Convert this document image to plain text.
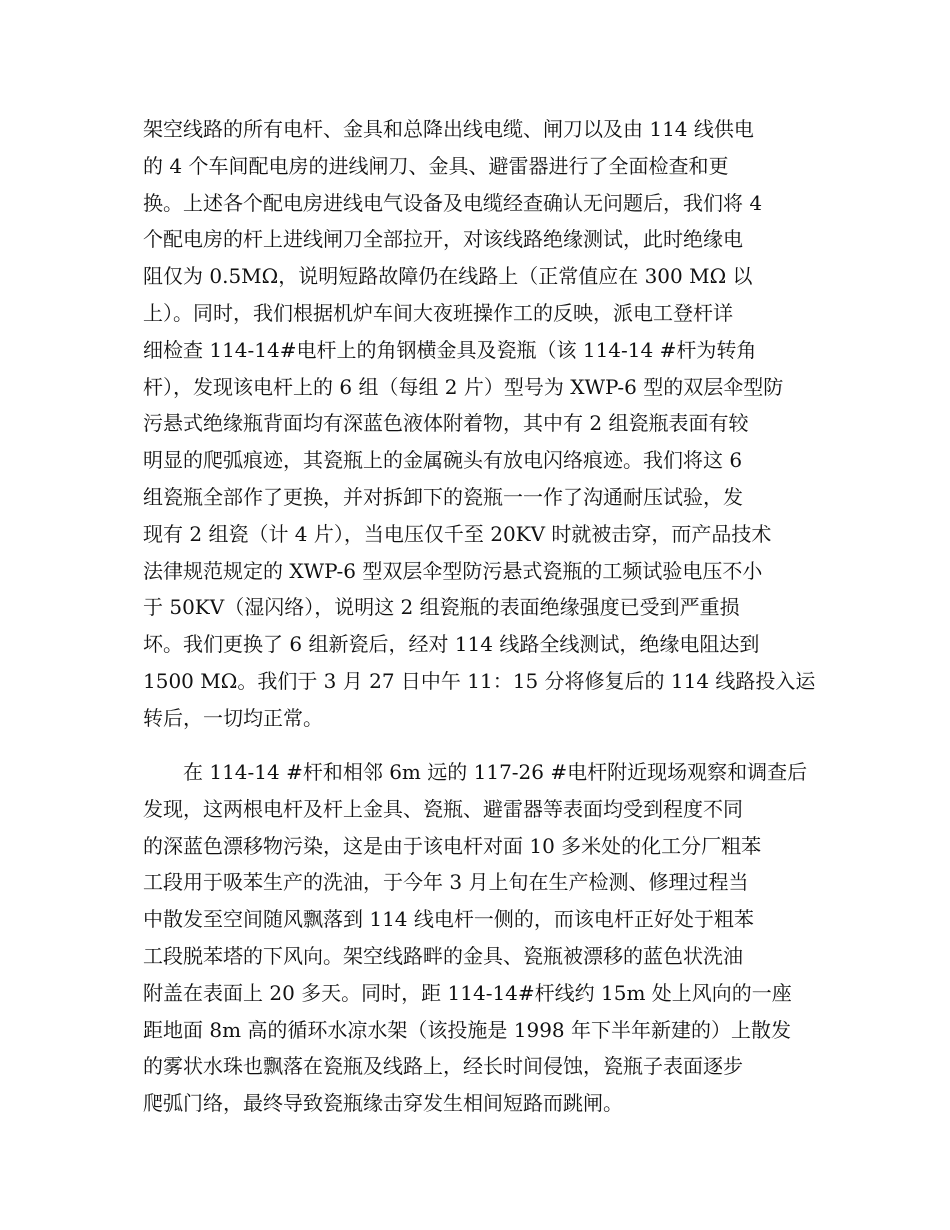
架空线路的所有电杆、金具和总降出线电缆、闸刀以及由 114 线供电
的 4 个车间配电房的进线闸刀、金具、避雷器进行了全面检查和更
换。上述各个配电房进线电气设备及电缆经查确认无问题后，我们将 4
个配电房的杆上进线闸刀全部拉开，对该线路绝缘测试，此时绝缘电
阻仅为 0.5MΩ，说明短路故障仍在线路上（正常值应在 300 MΩ 以
上）。同时，我们根据机炉车间大夜班操作工的反映，派电工登杆详
细检查 114-14#电杆上的角钢横金具及瓷瓶（该 114-14 #杆为转角
杆），发现该电杆上的 6 组（每组 2 片）型号为 XWP-6 型的双层伞型防
污悬式绝缘瓶背面均有深蓝色液体附着物，其中有 2 组瓷瓶表面有较
明显的爬弧痕迹，其瓷瓶上的金属碗头有放电闪络痕迹。我们将这 6
组瓷瓶全部作了更换，并对拆卸下的瓷瓶一一作了沟通耐压试验，发
现有 2 组瓷（计 4 片），当电压仅千至 20KV 时就被击穿，而产品技术
法律规范规定的 XWP-6 型双层伞型防污悬式瓷瓶的工频试验电压不小
于 50KV（湿闪络），说明这 2 组瓷瓶的表面绝缘强度已受到严重损
坏。我们更换了 6 组新瓷后，经对 114 线路全线测试，绝缘电阻达到
1500 MΩ。我们于 3 月 27 日中午 11：15 分将修复后的 114 线路投入运
转后，一切均正常。
　　在 114-14 #杆和相邻 6m 远的 117-26 #电杆附近现场观察和调查后
发现，这两根电杆及杆上金具、瓷瓶、避雷器等表面均受到程度不同
的深蓝色漂移物污染，这是由于该电杆对面 10 多米处的化工分厂粗苯
工段用于吸苯生产的洗油，于今年 3 月上旬在生产检测、修理过程当
中散发至空间随风飘落到 114 线电杆一侧的，而该电杆正好处于粗苯
工段脱苯塔的下风向。架空线路畔的金具、瓷瓶被漂移的蓝色状洗油
附盖在表面上 20 多天。同时，距 114-14#杆线约 15m 处上风向的一座
距地面 8m 高的循环水凉水架（该投施是 1998 年下半年新建的）上散发
的雾状水珠也飘落在瓷瓶及线路上，经长时间侵蚀，瓷瓶子表面逐步
爬弧门络，最终导致瓷瓶缘击穿发生相间短路而跳闸。
